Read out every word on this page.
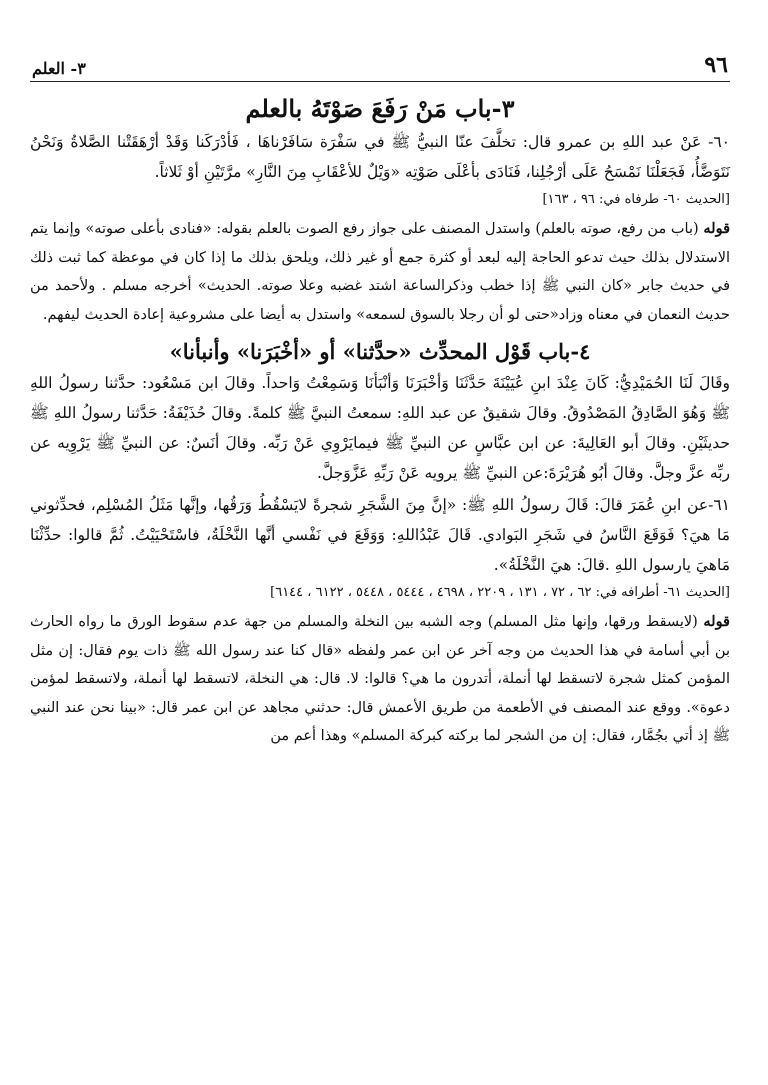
٩٦
٣- العلم
٣-باب مَنْ رَفَعَ صَوْتَهُ بالعلم

٦٠- عَنْ عبد اللهِ بن عمرو قال: تخلَّفَ عنّا النبيُّ ﷺ في سَفْرَة سَافَرْناهَا ، فَأدْرَكَنا وَقَدْ أرْهَقَتْنا الصَّلاةُ وَنَحْنُ نَتَوَضَّأُ، فَجَعَلْنَا نَمْسَحُ عَلَى أرْجُلِنا، فَنَادَى بأعْلَى صَوْتِه «وَيْلٌ للأعْقَابِ مِنَ النَّارِ» مرَّتَيْنِ أوْ ثَلاثاً.

[الحديث ٦٠- طرفاه في: ٩٦ ، ١٦٣]

قوله (باب من رفع، صوته بالعلم) واستدل المصنف على جواز رفع الصوت بالعلم بقوله: «فنادى بأعلى صوته» وإنما يتم الاستدلال بذلك حيث تدعو الحاجة إليه لبعد أو كثرة جمع أو غير ذلك، ويلحق بذلك ما إذا كان في موعظة كما ثبت ذلك في حديث جابر «كان النبي ﷺ إذا خطب وذكرالساعة اشتد غضبه وعلا صوته. الحديث» أخرجه مسلم . ولأحمد من حديث النعمان في معناه وزاد«حتى لو أن رجلا بالسوق لسمعه» واستدل به أيضا على مشروعية إعادة الحديث ليفهم.

٤-باب قَوْل المحدِّث «حدَّثنا» أو «أخْبَرَنا» وأنبأنا»

وقَالَ لَنَا الحُمَيْدِيُّ: كَانَ عِنْدَ ابنِ عُيَيْنَةَ حَدَّثَنَا وَأخْبَرَنَا وَأنْبَأنَا وَسَمِعْتُ وَاحداً. وقالَ ابن مَسْعُود: حدَّثنا رسولُ اللهِ ﷺ وَهُوَ الصَّادِقُ المَصْدُوقُ. وقالَ شقيقٌ عن عبد اللهِ: سمعتُ النبيَّ ﷺ كلمةً. وقالَ حُذَيْفَةُ: حَدَّثنا رسولُ اللهِ ﷺ حديثَيْنِ. وقالَ أبو العَالِيةَ: عن ابن عبَّاسٍ عن النبيِّ ﷺ فيمايَرْوِي عَنْ رَبِّه. وقالَ أنَسٌ: عن النبيِّ ﷺ يَرْوِيه عن ربِّه عزَّ وجلَّ. وقالَ أبُو هُرَيْرَةَ:عن النبيِّ ﷺ يرويه عَنْ رَبِّهِ عَزَّوَجلَّ.

٦١-عن ابنِ عُمَرَ قالَ: قَالَ رسولُ اللهِ ﷺ: «إنَّ مِنَ الشَّجَرِ شجرةً لايَسْقُطُ وَرَقُها، وإنَّها مَثَلُ المُسْلِم، فحدِّثوني مَا هيَ؟ فَوَقَعَ النَّاسُ في شَجَرِ البَوادي. قَالَ عَبْدُاللهِ: وَوَقَعَ في نَفْسي أنَّها النَّخْلَةُ، فاسْتَحْيَيْتُ. ثُمَّ قالوا: حدِّثْنَا مَاهيَ يارسول اللهِ .قالَ: هيَ النَّخْلَةُ».

[الحديث ٦١- أطرافه في: ٦٢ ، ٧٢ ، ١٣١ ، ٢٢٠٩ ، ٤٦٩٨ ، ٥٤٤٤ ، ٥٤٤٨ ، ٦١٢٢ ، ٦١٤٤]

قوله (لايسقط ورقها، وإنها مثل المسلم) وجه الشبه بين النخلة والمسلم من جهة عدم سقوط الورق ما رواه الحارث بن أبي أسامة في هذا الحديث من وجه آخر عن ابن عمر ولفظه «قال كنا عند رسول الله ﷺ ذات يوم فقال: إن مثل المؤمن كمثل شجرة لاتسقط لها أنملة، أتدرون ما هي؟ قالوا: لا. قال: هي النخلة، لاتسقط لها أنملة، ولاتسقط لمؤمن دعوة». ووقع عند المصنف في الأطعمة من طريق الأعمش قال: حدثني مجاهد عن ابن عمر قال: «بينا نحن عند النبي ﷺ إذ أتي بجُمَّار، فقال: إن من الشجر لما بركته كبركة المسلم» وهذا أعم من
